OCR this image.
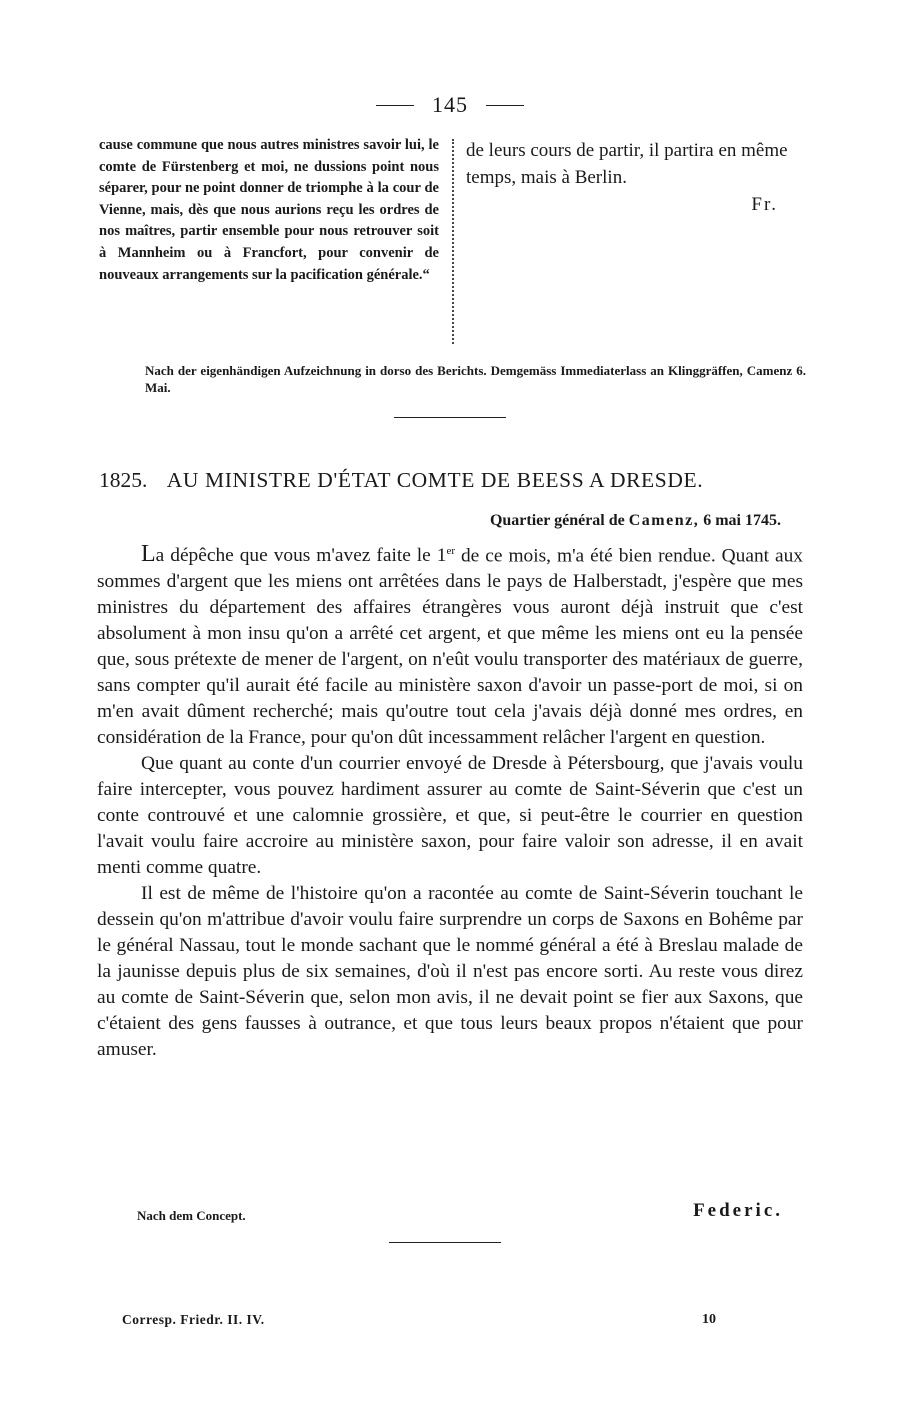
145
cause commune que nous autres ministres savoir lui, le comte de Fürstenberg et moi, ne dussions point nous séparer, pour ne point donner de triomphe à la cour de Vienne, mais, dès que nous aurions reçu les ordres de nos maîtres, partir ensemble pour nous retrouver soit à Mannheim ou à Francfort, pour convenir de nouveaux arrangements sur la pacification générale.“
de leurs cours de partir, il partira en même temps, mais à Berlin.
Fr.
Nach der eigenhändigen Aufzeichnung in dorso des Berichts. Demgemäss Immediaterlass an Klinggräffen, Camenz 6. Mai.
1825. AU MINISTRE D'ÉTAT COMTE DE BEESS A DRESDE.
Quartier général de Camenz, 6 mai 1745.

La dépêche que vous m'avez faite le 1er de ce mois, m'a été bien rendue. Quant aux sommes d'argent que les miens ont arrêtées dans le pays de Halberstadt, j'espère que mes ministres du département des affaires étrangères vous auront déjà instruit que c'est absolument à mon insu qu'on a arrêté cet argent, et que même les miens ont eu la pensée que, sous prétexte de mener de l'argent, on n'eût voulu transporter des matériaux de guerre, sans compter qu'il aurait été facile au ministère saxon d'avoir un passe-port de moi, si on m'en avait dûment recherché; mais qu'outre tout cela j'avais déjà donné mes ordres, en considération de la France, pour qu'on dût incessamment relâcher l'argent en question.

Que quant au conte d'un courrier envoyé de Dresde à Pétersbourg, que j'avais voulu faire intercepter, vous pouvez hardiment assurer au comte de Saint-Séverin que c'est un conte controuvé et une calomnie grossière, et que, si peut-être le courrier en question l'avait voulu faire accroire au ministère saxon, pour faire valoir son adresse, il en avait menti comme quatre.

Il est de même de l'histoire qu'on a racontée au comte de Saint-Séverin touchant le dessein qu'on m'attribue d'avoir voulu faire surprendre un corps de Saxons en Bohême par le général Nassau, tout le monde sachant que le nommé général a été à Breslau malade de la jaunisse depuis plus de six semaines, d'où il n'est pas encore sorti. Au reste vous direz au comte de Saint-Séverin que, selon mon avis, il ne devait point se fier aux Saxons, que c'étaient des gens fausses à outrance, et que tous leurs beaux propos n'étaient que pour amuser.

Nach dem Concept.	Federic.
Corresp. Friedr. II. IV.	10
